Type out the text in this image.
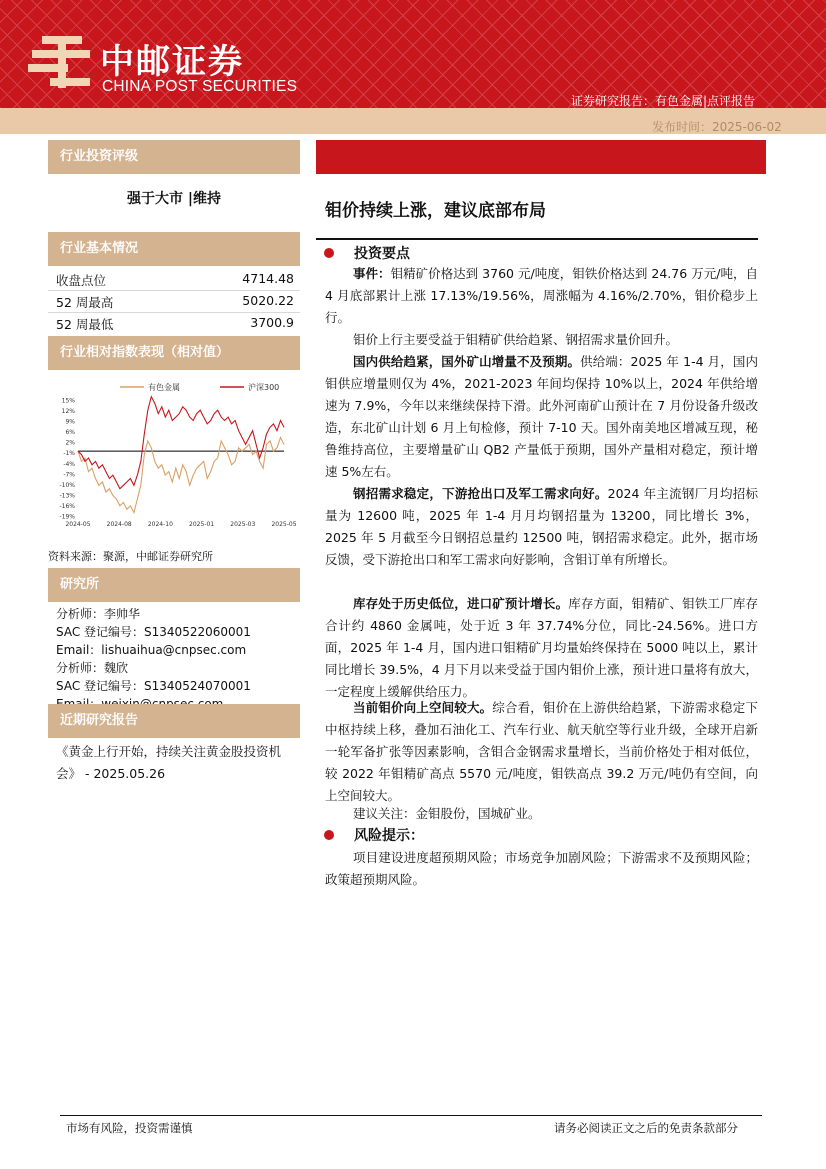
中邮证券
CHINA POST SECURITIES
证券研究报告：有色金属|点评报告
发布时间：2025-06-02
行业投资评级
强于大市 |维持
行业基本情况
收盘点位	4714.48
52 周最高	5020.22
52 周最低	3700.9
行业相对指数表现（相对值）
有色金属	沪深300
15%
12%
9%
6%
2%
-1%
-4%
-7%
-10%
-13%
-16%
-19%
2024-05	2024-08	2024-10	2025-01	2025-03	2025-05
资料来源：聚源，中邮证券研究所
研究所
分析师：李帅华
SAC 登记编号：S1340522060001
Email：lishuaihua@cnpsec.com
分析师：魏欣
SAC 登记编号：S1340524070001
近期研究报告
《黄金上行开始，持续关注黄金股投资机会》 - 2025.05.26
钼价持续上涨，建议底部布局
投资要点
事件：钼精矿价格达到 3760 元/吨度，钼铁价格达到 24.76 万元/吨，自 4 月底部累计上涨 17.13%/19.56%，周涨幅为 4.16%/2.70%，钼价稳步上行。
钼价上行主要受益于钼精矿供给趋紧、钢招需求量价回升。
国内供给趋紧，国外矿山增量不及预期。供给端：2025 年 1-4 月，国内钼供应增量则仅为 4%，2021-2023 年间均保持 10%以上，2024 年供给增速为 7.9%，今年以来继续保持下滑。此外河南矿山预计在 7 月份设备升级改造，东北矿山计划 6 月上旬检修，预计 7-10 天。国外南美地区增减互现，秘鲁维持高位，主要增量矿山 QB2 产量低于预期，国外产量相对稳定，预计增速 5%左右。
钢招需求稳定，下游抢出口及军工需求向好。2024 年主流钢厂月均招标量为 12600 吨，2025 年 1-4 月月均钢招量为 13200，同比增长 3%，2025 年 5 月截至今日钢招总量约 12500 吨，钢招需求稳定。此外，据市场反馈，受下游抢出口和军工需求向好影响，含钼订单有所增长。
库存处于历史低位，进口矿预计增长。库存方面，钼精矿、钼铁工厂库存合计约 4860 金属吨，处于近 3 年 37.74%分位，同比-24.56%。进口方面，2025 年 1-4 月，国内进口钼精矿月均量始终保持在 5000 吨以上，累计同比增长 39.5%，4 月下月以来受益于国内钼价上涨，预计进口量将有放大，一定程度上缓解供给压力。
当前钼价向上空间较大。综合看，钼价在上游供给趋紧，下游需求稳定下中枢持续上移，叠加石油化工、汽车行业、航天航空等行业升级，全球开启新一轮军备扩张等因素影响，含钼合金钢需求量增长，当前价格处于相对低位，较 2022 年钼精矿高点 5570 元/吨度，钼铁高点 39.2 万元/吨仍有空间，向上空间较大。
建议关注：金钼股份，国城矿业。
风险提示：
项目建设进度超预期风险；市场竞争加剧风险；下游需求不及预期风险；政策超预期风险。
市场有风险，投资需谨慎	请务必阅读正文之后的免责条款部分
